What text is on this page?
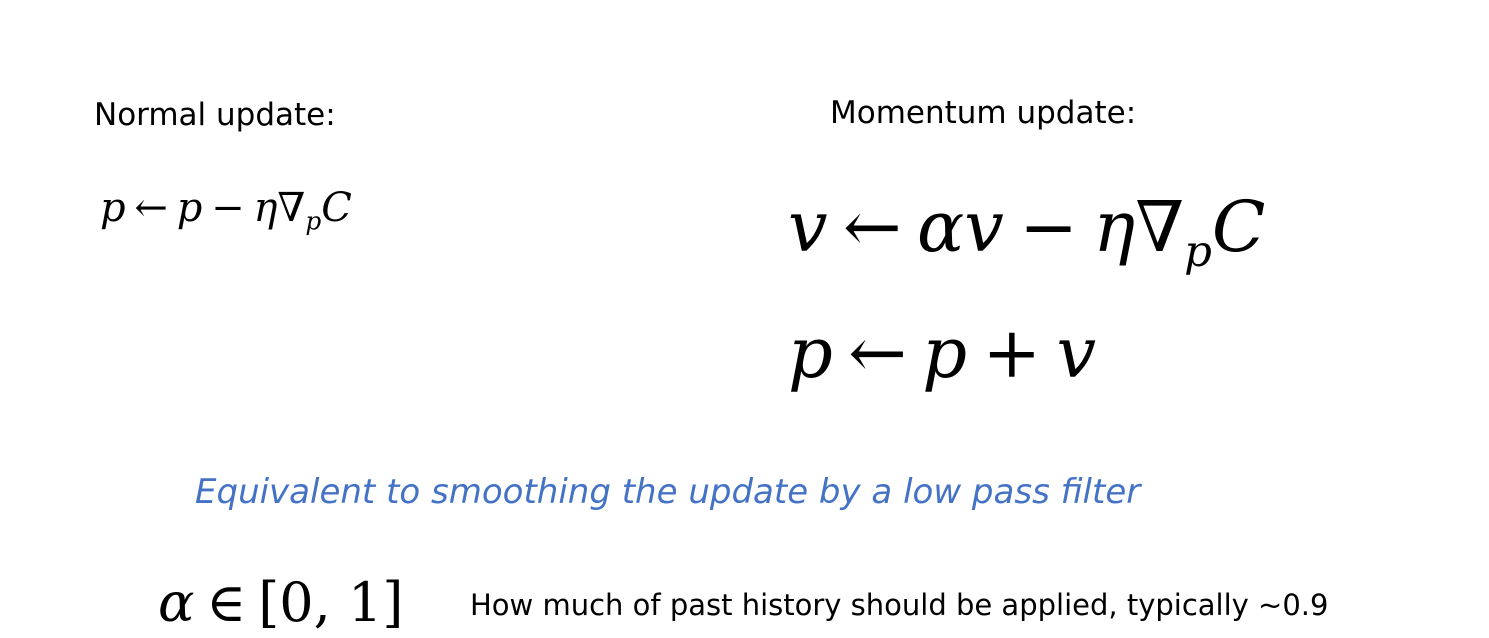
Normal update:
p ← $p - \eta\nabla_pC$
Momentum update:
v ← $\alpha v - \eta\nabla_pC$
p ← p + v
Equivalent to smoothing the update by a low pass filter
α ∈ [0, 1] How much of past history should be applied, typically ~0.9
